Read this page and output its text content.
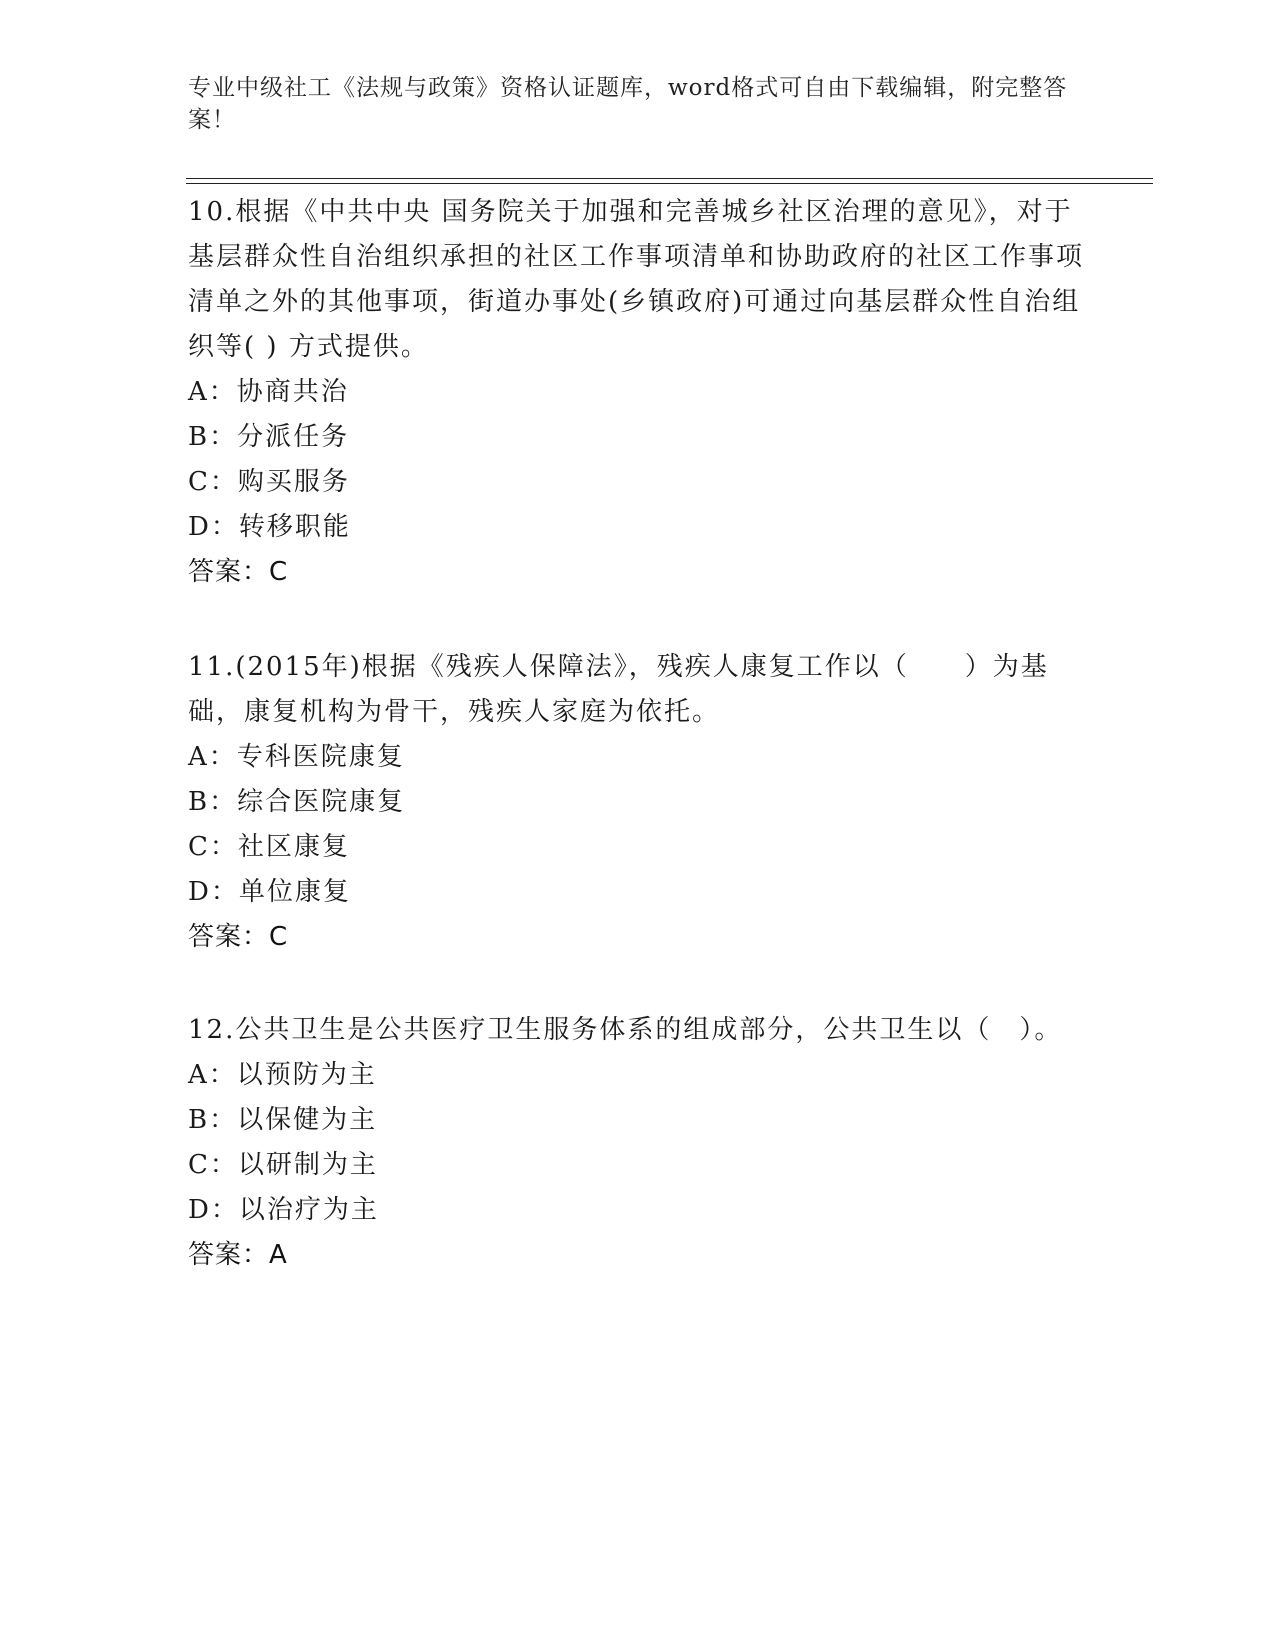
专业中级社工《法规与政策》资格认证题库，word格式可自由下载编辑，附完整答案！

10.根据《中共中央 国务院关于加强和完善城乡社区治理的意见》，对于基层群众性自治组织承担的社区工作事项清单和协助政府的社区工作事项清单之外的其他事项，街道办事处(乡镇政府)可通过向基层群众性自治组织等( ) 方式提供。

A：协商共治

B：分派任务

C：购买服务

D：转移职能

答案：C

11.(2015年)根据《残疾人保障法》，残疾人康复工作以（　　）为基础，康复机构为骨干，残疾人家庭为依托。

A：专科医院康复

B：综合医院康复

C：社区康复

D：单位康复

答案：C

12.公共卫生是公共医疗卫生服务体系的组成部分，公共卫生以（　）。

A：以预防为主

B：以保健为主

C：以研制为主

D：以治疗为主

答案：A
